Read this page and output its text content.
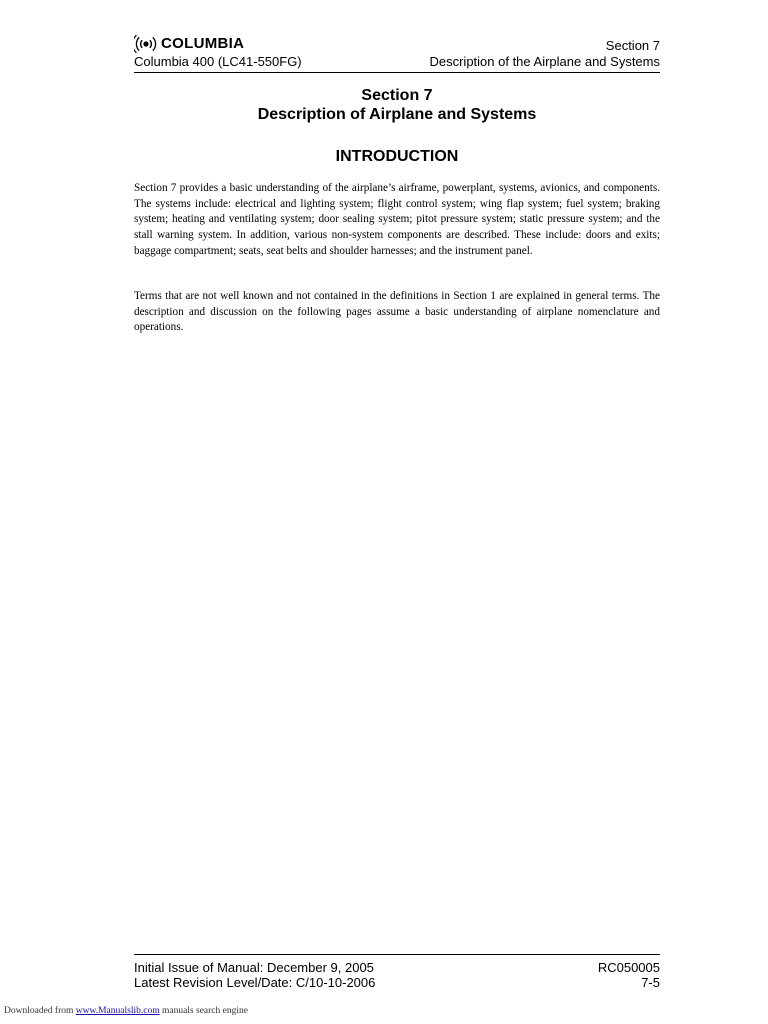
COLUMBIA
Columbia 400 (LC41-550FG)
Section 7
Description of the Airplane and Systems
Section 7
Description of Airplane and Systems
INTRODUCTION

Section 7 provides a basic understanding of the airplane’s airframe, powerplant, systems, avionics, and components. The systems include: electrical and lighting system; flight control system; wing flap system; fuel system; braking system; heating and ventilating system; door sealing system; pitot pressure system; static pressure system; and the stall warning system. In addition, various non-system components are described. These include: doors and exits; baggage compartment; seats, seat belts and shoulder harnesses; and the instrument panel.

Terms that are not well known and not contained in the definitions in Section 1 are explained in general terms. The description and discussion on the following pages assume a basic understanding of airplane nomenclature and operations.

Initial Issue of Manual: December 9, 2005
Latest Revision Level/Date: C/10-10-2006
RC050005
7-5
Downloaded from www.Manualslib.com manuals search engine
